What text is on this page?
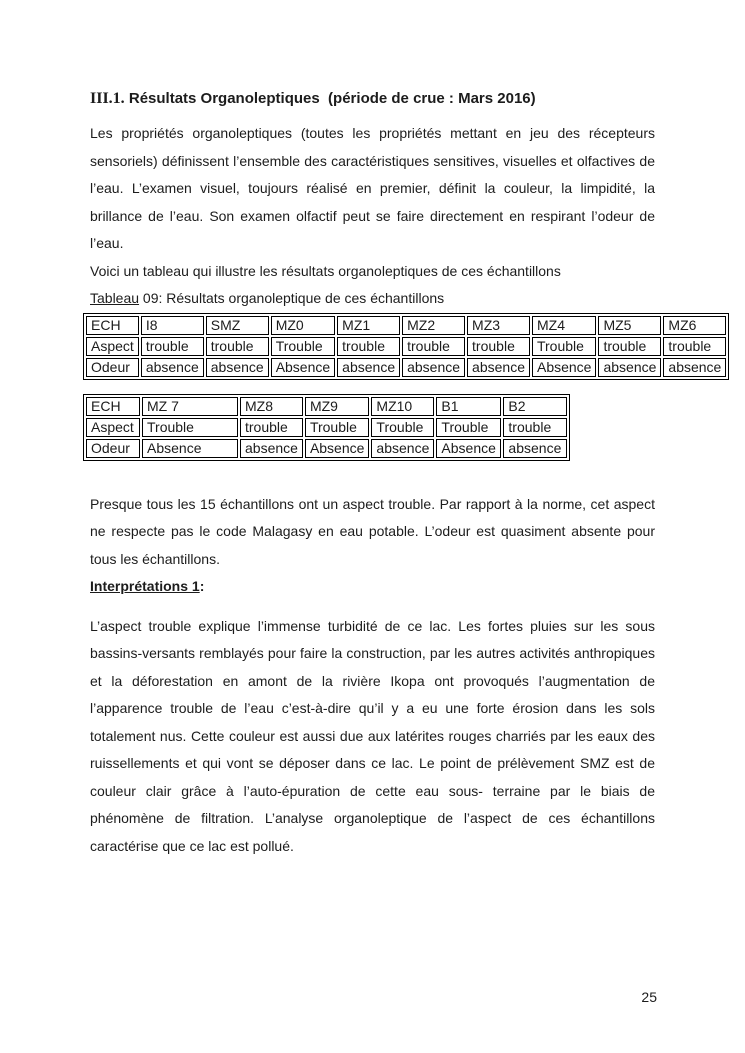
III.1. Résultats Organoleptiques  (période de crue : Mars 2016)

Les propriétés organoleptiques (toutes les propriétés mettant en jeu des récepteurs sensoriels) définissent l’ensemble des caractéristiques sensitives, visuelles et olfactives de l’eau. L’examen visuel, toujours réalisé en premier, définit la couleur, la limpidité, la brillance de l’eau. Son examen olfactif peut se faire directement en respirant l’odeur de l’eau.

Voici un tableau qui illustre les résultats organoleptiques de ces échantillons

Tableau 09: Résultats organoleptique de ces échantillons

ECH	I8	SMZ	MZ0	MZ1	MZ2	MZ3	MZ4	MZ5	MZ6
Aspect	trouble	trouble	Trouble	trouble	trouble	trouble	Trouble	trouble	trouble
Odeur	absence	absence	Absence	absence	absence	absence	Absence	absence	absence
ECH	MZ 7	MZ8	MZ9	MZ10	B1	B2
Aspect	Trouble	trouble	Trouble	Trouble	Trouble	trouble
Odeur	Absence	absence	Absence	absence	Absence	absence

Presque tous les 15 échantillons ont un aspect trouble. Par rapport à la norme, cet aspect ne respecte pas le code Malagasy en eau potable. L’odeur est quasiment absente pour tous les échantillons.

Interprétations 1:

L’aspect trouble explique l’immense turbidité de ce lac. Les fortes pluies sur les sous bassins-versants remblayés pour faire la construction, par les autres activités anthropiques et la déforestation en amont de la rivière Ikopa ont provoqués l’augmentation de l’apparence trouble de l’eau c’est-à-dire qu’il y a eu une forte érosion dans les sols totalement nus. Cette couleur est aussi due aux latérites rouges charriés par les eaux des ruissellements et qui vont se déposer dans ce lac. Le point de prélèvement SMZ est de couleur clair grâce à l’auto-épuration de cette eau sous- terraine par le biais de phénomène de filtration. L’analyse organoleptique de l’aspect de ces échantillons caractérise que ce lac est pollué.

25
